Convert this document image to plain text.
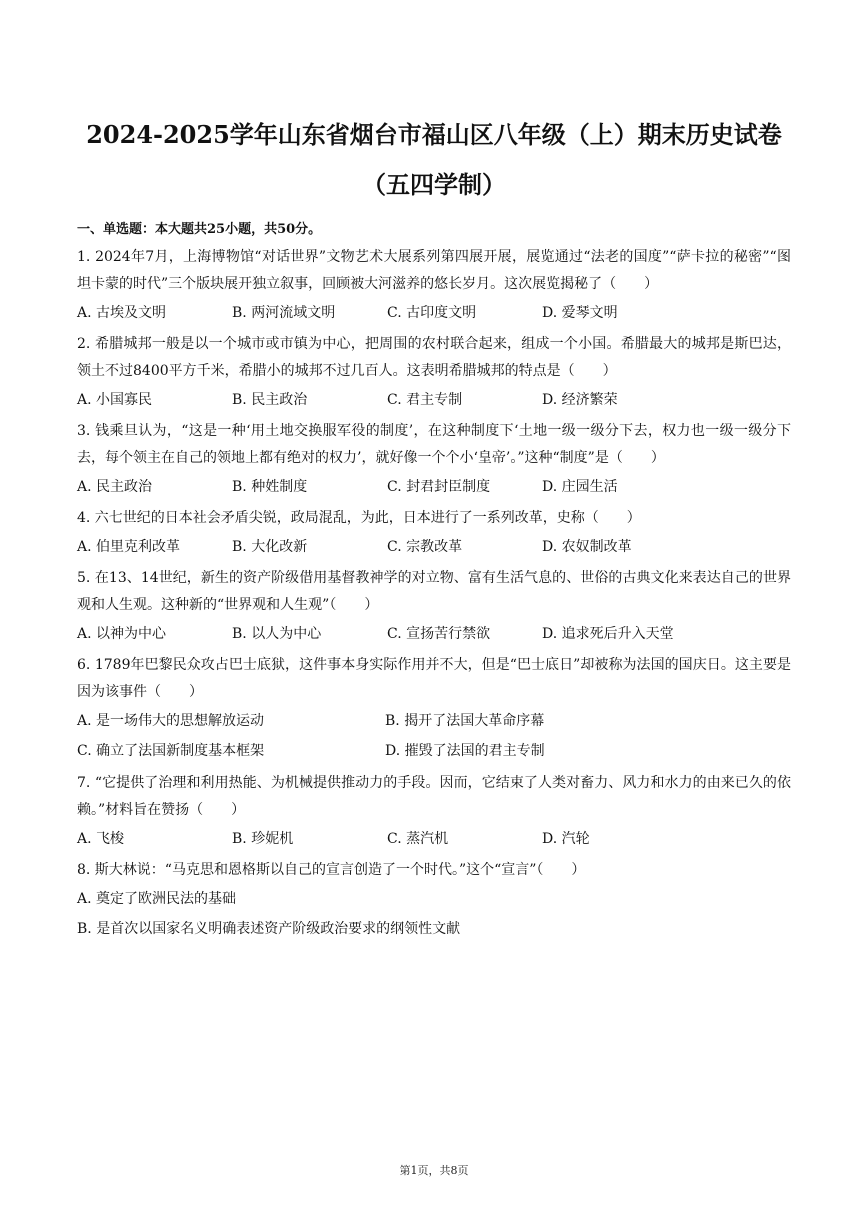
2024-2025学年山东省烟台市福山区八年级（上）期末历史试卷（五四学制）
一、单选题：本大题共25小题，共50分。
1. 2024年7月，上海博物馆“对话世界”文物艺术大展系列第四展开展，展览通过“法老的国度”“萨卡拉的秘密”“图坦卡蒙的时代”三个版块展开独立叙事，回顾被大河滋养的悠长岁月。这次展览揭秘了（　　）
A. 古埃及文明	B. 两河流域文明	C. 古印度文明	D. 爱琴文明
2. 希腊城邦一般是以一个城市或市镇为中心，把周围的农村联合起来，组成一个小国。希腊最大的城邦是斯巴达，领土不过8400平方千米，希腊小的城邦不过几百人。这表明希腊城邦的特点是（　　）
A. 小国寡民	B. 民主政治	C. 君主专制	D. 经济繁荣
3. 钱乘旦认为，“这是一种‘用土地交换服军役的制度’，在这种制度下‘土地一级一级分下去，权力也一级一级分下去，每个领主在自己的领地上都有绝对的权力’，就好像一个个小‘皇帝’。”这种“制度”是（　　）
A. 民主政治	B. 种姓制度	C. 封君封臣制度	D. 庄园生活
4. 六七世纪的日本社会矛盾尖锐，政局混乱，为此，日本进行了一系列改革，史称（　　）
A. 伯里克利改革	B. 大化改新	C. 宗教改革	D. 农奴制改革
5. 在13、14世纪，新生的资产阶级借用基督教神学的对立物、富有生活气息的、世俗的古典文化来表达自己的世界观和人生观。这种新的“世界观和人生观”（　　）
A. 以神为中心	B. 以人为中心	C. 宣扬苦行禁欲	D. 追求死后升入天堂
6. 1789年巴黎民众攻占巴士底狱，这件事本身实际作用并不大，但是“巴士底日”却被称为法国的国庆日。这主要是因为该事件（　　）
A. 是一场伟大的思想解放运动	B. 揭开了法国大革命序幕
C. 确立了法国新制度基本框架	D. 摧毁了法国的君主专制
7. “它提供了治理和利用热能、为机械提供推动力的手段。因而，它结束了人类对畜力、风力和水力的由来已久的依赖。”材料旨在赞扬（　　）
A. 飞梭	B. 珍妮机	C. 蒸汽机	D. 汽轮
8. 斯大林说：“马克思和恩格斯以自己的宣言创造了一个时代。”这个“宣言”（　　）
A. 奠定了欧洲民法的基础
B. 是首次以国家名义明确表述资产阶级政治要求的纲领性文献
第1页，共8页
